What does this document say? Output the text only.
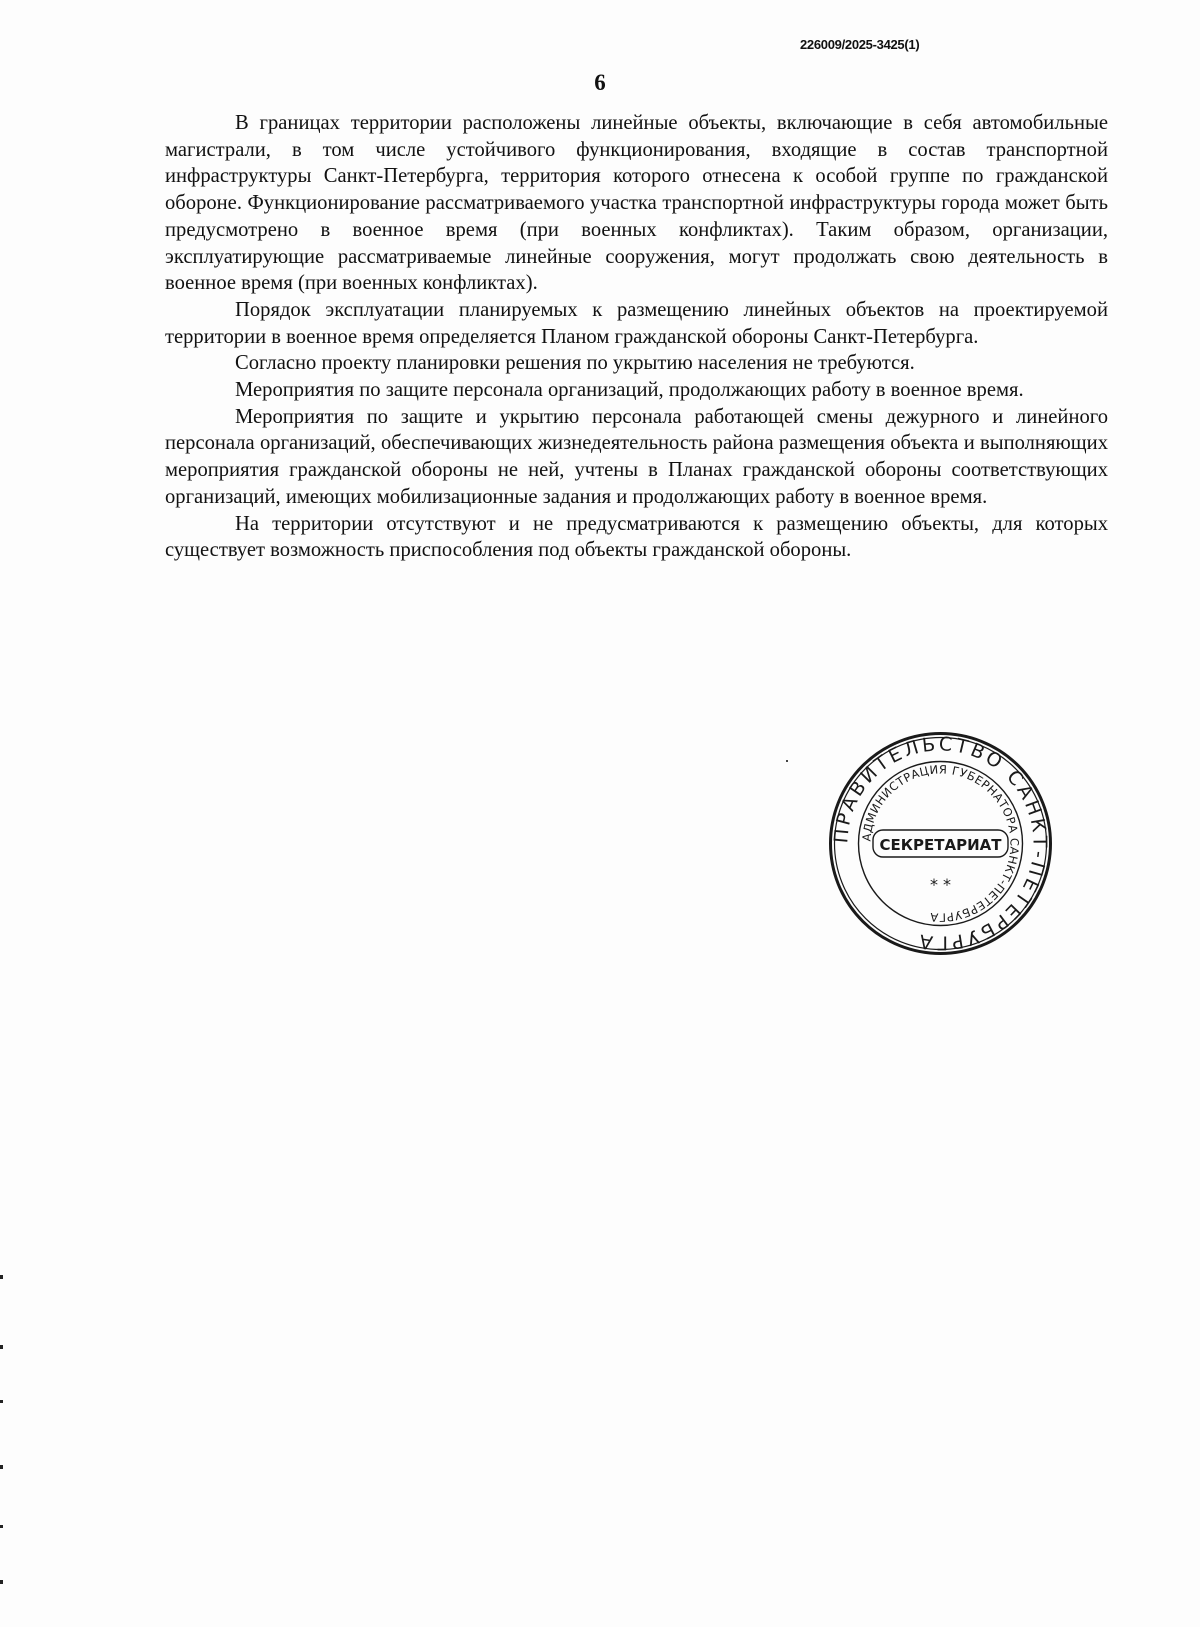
226009/2025-3425(1)
6

В границах территории расположены линейные объекты, включающие в себя автомобильные магистрали, в том числе устойчивого функционирования, входящие в состав транспортной инфраструктуры Санкт-Петербурга, территория которого отнесена к особой группе по гражданской обороне. Функционирование рассматриваемого участка транспортной инфраструктуры города может быть предусмотрено в военное время (при военных конфликтах). Таким образом, организации, эксплуатирующие рассматриваемые линейные сооружения, могут продолжать свою деятельность в военное время (при военных конфликтах).

Порядок эксплуатации планируемых к размещению линейных объектов на проектируемой территории в военное время определяется Планом гражданской обороны Санкт-Петербурга.

Согласно проекту планировки решения по укрытию населения не требуются.

Мероприятия по защите персонала организаций, продолжающих работу в военное время.

Мероприятия по защите и укрытию персонала работающей смены дежурного и линейного персонала организаций, обеспечивающих жизнедеятельность района размещения объекта и выполняющих мероприятия гражданской обороны не ней, учтены в Планах гражданской обороны соответствующих организаций, имеющих мобилизационные задания и продолжающих работу в военное время.

На территории отсутствуют и не предусматриваются к размещению объекты, для которых существует возможность приспособления под объекты гражданской обороны.

ПРАВИТЕЛЬСТВО САНКТ-ПЕТЕРБУРГА
АДМИНИСТРАЦИЯ ГУБЕРНАТОРА САНКТ-ПЕТЕРБУРГА
СЕКРЕТАРИАТ
* *
